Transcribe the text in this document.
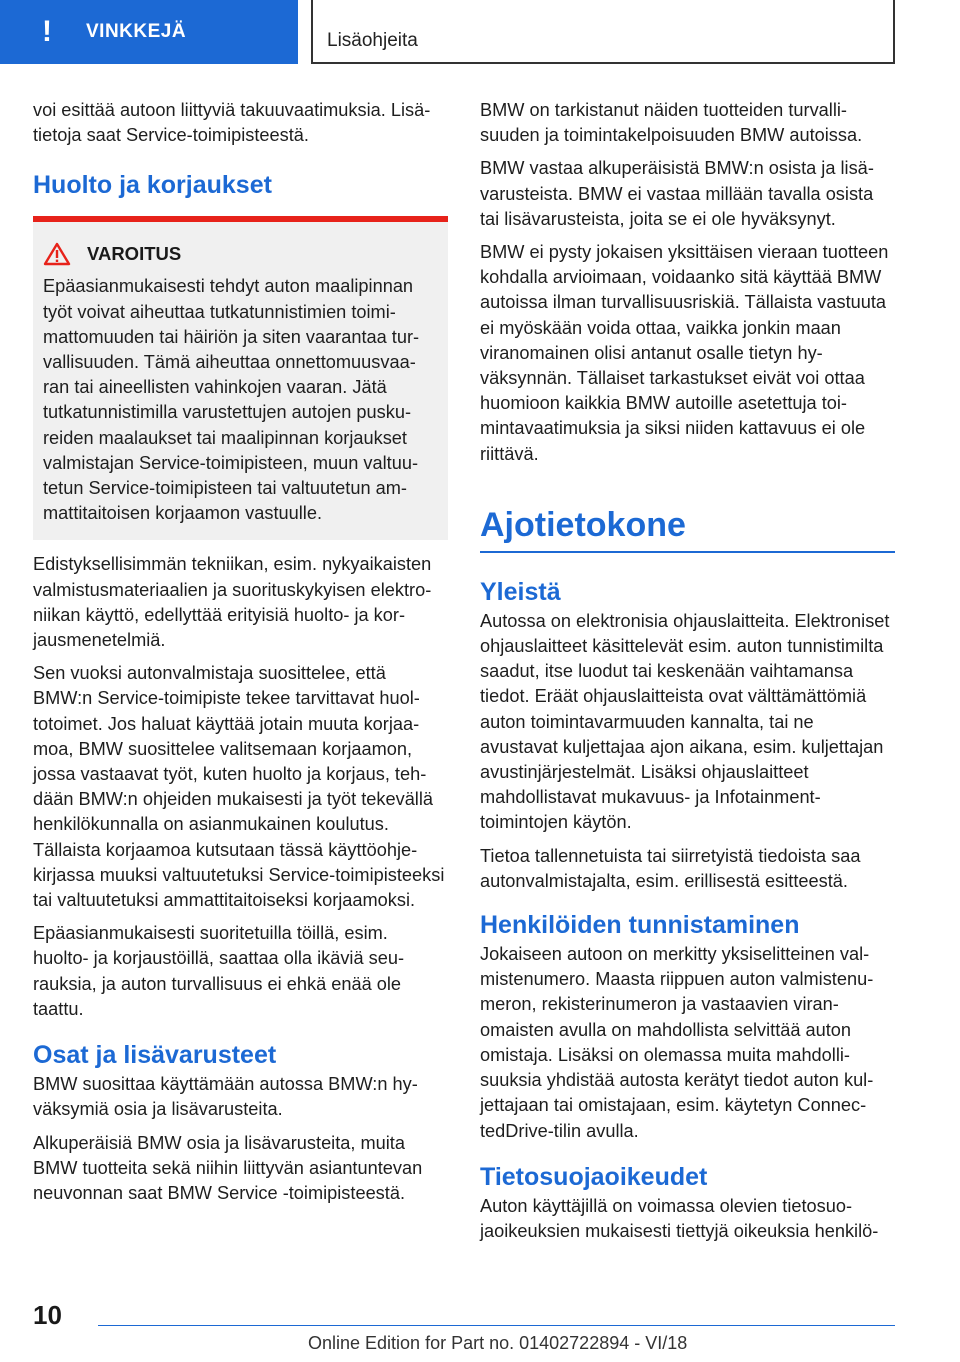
! VINKKEJÄ	Lisäohjeita

voi esittää autoon liittyviä takuuvaatimuksia. Lisätietoja saat Service-toimipisteestä.

Huolto ja korjaukset
VAROITUS

Epäasianmukaisesti tehdyt auton maalipinnan työt voivat aiheuttaa tutkatunnistimien toimimattomuuden tai häiriön ja siten vaarantaa turvallisuuden. Tämä aiheuttaa onnettomuusvaaran tai aineellisten vahinkojen vaaran. Jätä tutkatunnistimilla varustettujen autojen puskureiden maalaukset tai maalipinnan korjaukset valmistajan Service-toimipisteen, muun valtuutetun Service-toimipisteen tai valtuutetun ammattitaitoisen korjaamon vastuulle.

Edistyksellisimmän tekniikan, esim. nykyaikaisten valmistusmateriaalien ja suorituskykyisen elektroniikan käyttö, edellyttää erityisiä huolto- ja korjausmenetelmiä.

Sen vuoksi autonvalmistaja suosittelee, että BMW:n Service-toimipiste tekee tarvittavat huoltotoimet. Jos haluat käyttää jotain muuta korjaamoa, BMW suosittelee valitsemaan korjaamon, jossa vastaavat työt, kuten huolto ja korjaus, tehdään BMW:n ohjeiden mukaisesti ja työt tekevällä henkilökunnalla on asianmukainen koulutus. Tällaista korjaamoa kutsutaan tässä käyttöohjekirjassa muuksi valtuutetuksi Service-toimipisteeksi tai valtuutetuksi ammattitaitoiseksi korjaamoksi.

Epäasianmukaisesti suoritetuilla töillä, esim. huolto- ja korjaustöillä, saattaa olla ikäviä seurauksia, ja auton turvallisuus ei ehkä enää ole taattu.

Osat ja lisävarusteet

BMW suosittaa käyttämään autossa BMW:n hyväksymiä osia ja lisävarusteita.

Alkuperäisiä BMW osia ja lisävarusteita, muita BMW tuotteita sekä niihin liittyvän asiantuntevan neuvonnan saat BMW Service -toimipisteestä.

BMW on tarkistanut näiden tuotteiden turvallisuuden ja toimintakelpoisuuden BMW autoissa.

BMW vastaa alkuperäisistä BMW:n osista ja lisävarusteista. BMW ei vastaa millään tavalla osista tai lisävarusteista, joita se ei ole hyväksynyt.

BMW ei pysty jokaisen yksittäisen vieraan tuotteen kohdalla arvioimaan, voidaanko sitä käyttää BMW autoissa ilman turvallisuusriskiä. Tällaista vastuuta ei myöskään voida ottaa, vaikka jonkin maan viranomainen olisi antanut osalle tietyn hyväksynnän. Tällaiset tarkastukset eivät voi ottaa huomioon kaikkia BMW autoille asetettuja toimintavaatimuksia ja siksi niiden kattavuus ei ole riittävä.

Ajotietokone
Yleistä

Autossa on elektronisia ohjauslaitteita. Elektroniset ohjauslaitteet käsittelevät esim. auton tunnistimilta saadut, itse luodut tai keskenään vaihtamansa tiedot. Eräät ohjauslaitteista ovat välttämättömiä auton toimintavarmuuden kannalta, tai ne avustavat kuljettajaa ajon aikana, esim. kuljettajan avustinjärjestelmät. Lisäksi ohjauslaitteet mahdollistavat mukavuus- ja Infotainment-toimintojen käytön.

Tietoa tallennetuista tai siirretyistä tiedoista saa autonvalmistajalta, esim. erillisestä esitteestä.

Henkilöiden tunnistaminen

Jokaiseen autoon on merkitty yksiselitteinen valmistenumero. Maasta riippuen auton valmistenumeron, rekisterinumeron ja vastaavien viranomaisten avulla on mahdollista selvittää auton omistaja. Lisäksi on olemassa muita mahdollisuuksia yhdistää autosta kerätyt tiedot auton kuljettajaan tai omistajaan, esim. käytetyn ConnectedDrive-tilin avulla.

Tietosuojaoikeudet

Auton käyttäjillä on voimassa olevien tietosuojaoikeuksien mukaisesti tiettyjä oikeuksia henkilö-

10
Online Edition for Part no. 01402722894 - VI/18
